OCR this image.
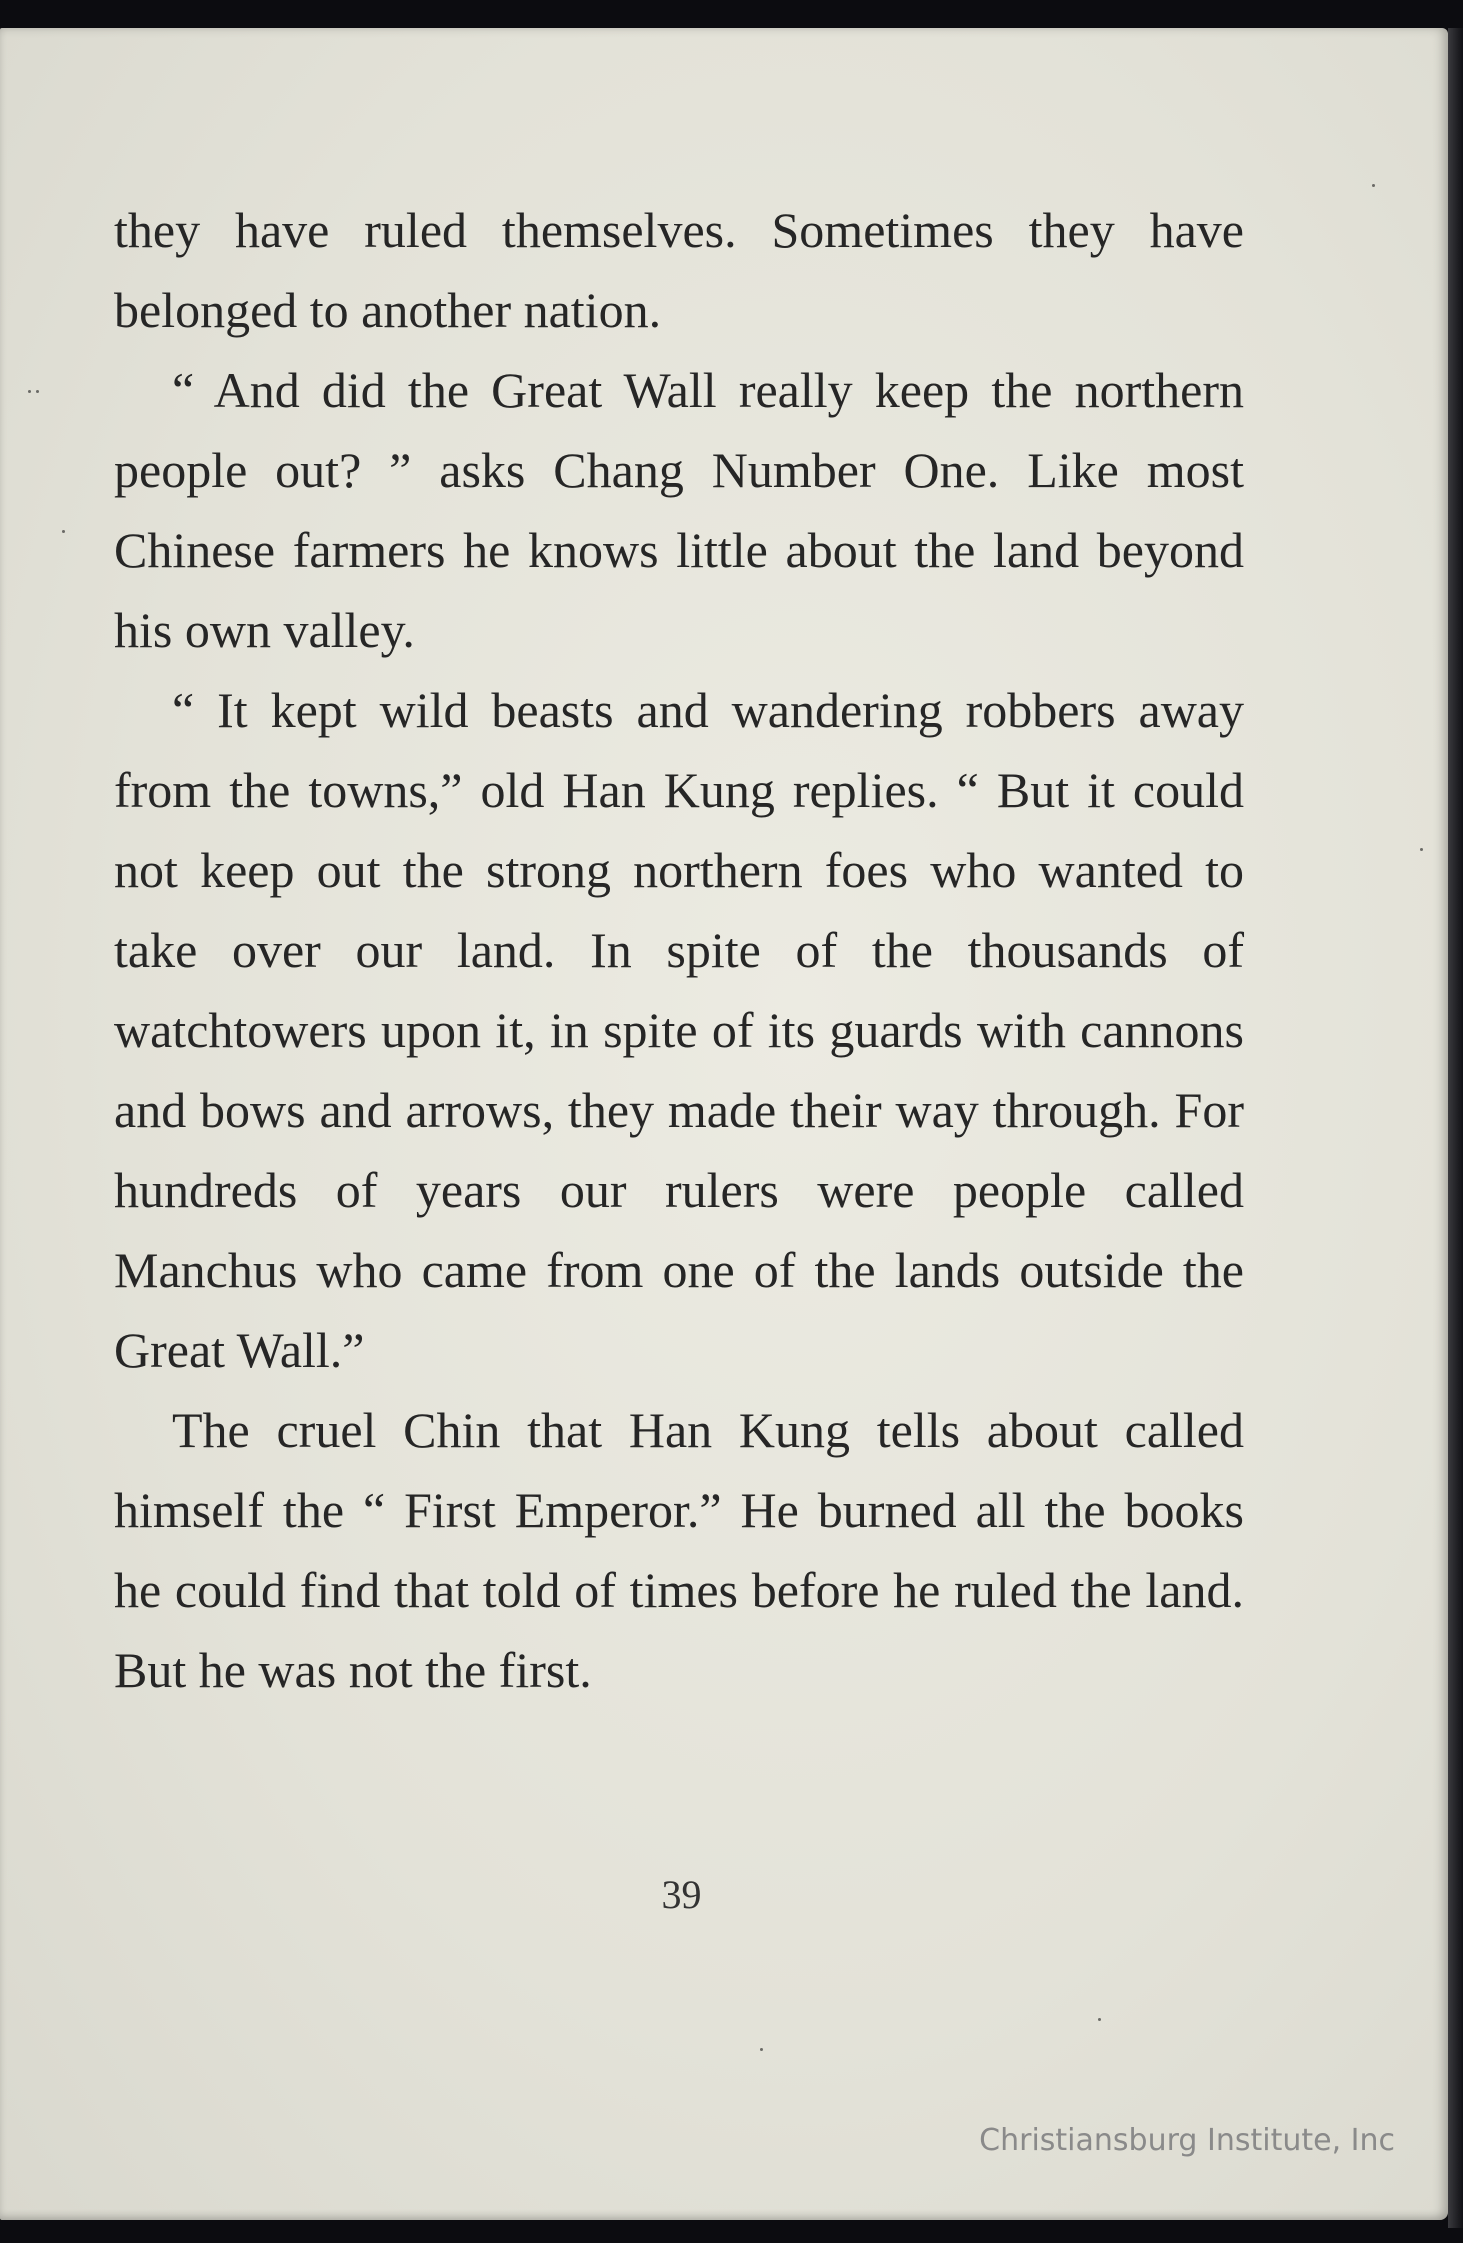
they have ruled themselves. Sometimes they have belonged to another nation.

“ And did the Great Wall really keep the northern people out? ” asks Chang Number One. Like most Chinese farmers he knows little about the land beyond his own valley.

“ It kept wild beasts and wandering robbers away from the towns,” old Han Kung replies. “ But it could not keep out the strong northern foes who wanted to take over our land. In spite of the thousands of watchtowers upon it, in spite of its guards with cannons and bows and arrows, they made their way through. For hundreds of years our rulers were people called Manchus who came from one of the lands outside the Great Wall.”

The cruel Chin that Han Kung tells about called himself the “ First Emperor.” He burned all the books he could find that told of times before he ruled the land. But he was not the first.

39
Christiansburg Institute, Inc
